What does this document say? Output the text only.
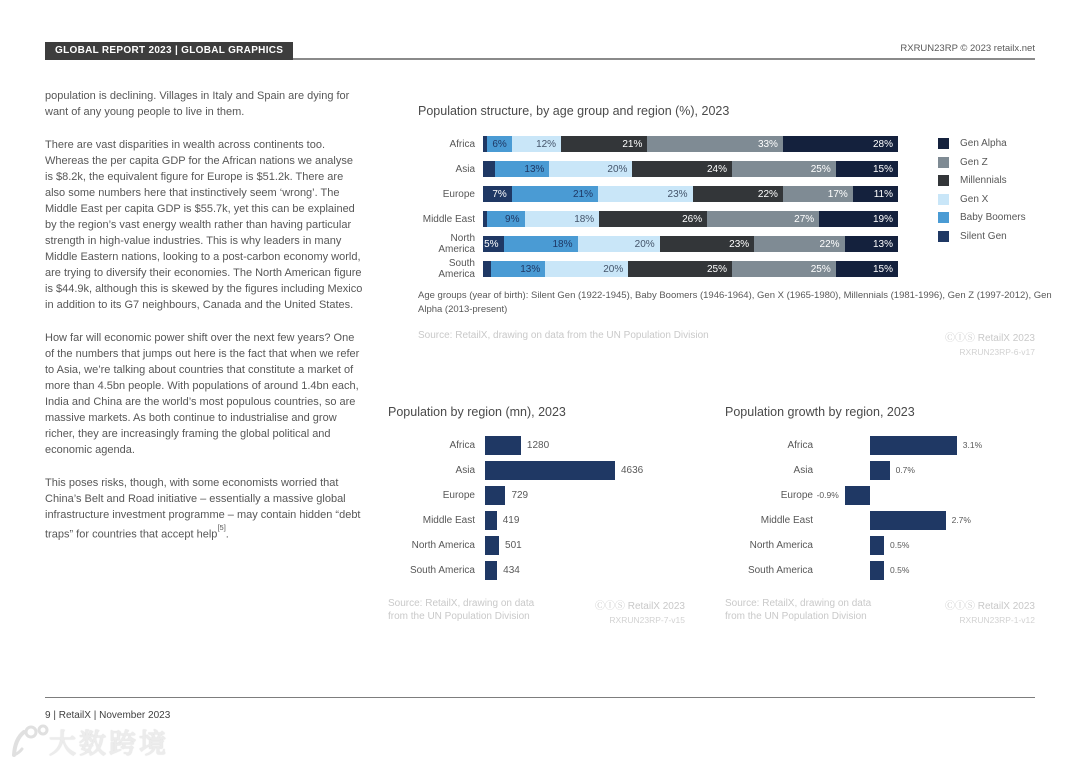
GLOBAL REPORT 2023 | GLOBAL GRAPHICS	RXRUN23RP © 2023 retailx.net

population is declining. Villages in Italy and Spain are dying for want of any young people to live in them.

There are vast disparities in wealth across continents too. Whereas the per capita GDP for the African nations we analyse is $8.2k, the equivalent figure for Europe is $51.2k. There are also some numbers here that instinctively seem ‘wrong’. The Middle East per capita GDP is $55.7k, yet this can be explained by the region’s vast energy wealth rather than having particular strength in high-value industries. This is why leaders in many Middle Eastern nations, looking to a post-carbon economy world, are trying to diversify their economies. The North American figure is $44.9k, although this is skewed by the figures including Mexico in addition to its G7 neighbours, Canada and the United States.

How far will economic power shift over the next few years? One of the numbers that jumps out here is the fact that when we refer to Asia, we’re talking about countries that constitute a market of more than 4.5bn people. With populations of around 1.4bn each, India and China are the world’s most populous countries, so are massive markets. As both continue to industrialise and grow richer, they are increasingly framing the global political and economic agenda.

This poses risks, though, with some economists worried that China’s Belt and Road initiative – essentially a massive global infrastructure investment programme – may contain hidden “debt traps” for countries that accept help[5].

Population structure, by age group and region (%), 2023
Africa 6%	12%	21%	33%	28%
Asia	13%	20%	24%	25%	15%
Europe 7%	21%	23%	22%	17%	11%
Middle East	9%	18%	26%	27%	19%
North America 5%	18%	20%	23%	22%	13%
South America	13%	20%	25%	25%	15%
Gen Alpha
Gen Z
Millennials
Gen X
Baby Boomers
Silent Gen
Age groups (year of birth): Silent Gen (1922-1945), Baby Boomers (1946-1964), Gen X (1965-1980), Millennials (1981-1996), Gen Z (1997-2012), Gen Alpha (2013-present)
Source: RetailX, drawing on data from the UN Population Division	ⒸⒾⓈ RetailX 2023
RXRUN23RP-6-v17
Population by region (mn), 2023
Africa	1280
Asia	4636
Europe	729
Middle East	419
North America	501
South America	434
Source: RetailX, drawing on data
from the UN Population Division
ⒸⒾⓈ RetailX 2023
RXRUN23RP-7-v15
Population growth by region, 2023
Africa	3.1%
Asia	0.7%
Europe -0.9%
Middle East	2.7%
North America	0.5%
South America	0.5%
Source: RetailX, drawing on data
from the UN Population Division
ⒸⒾⓈ RetailX 2023
RXRUN23RP-1-v12
9 | RetailX | November 2023
大数跨境
